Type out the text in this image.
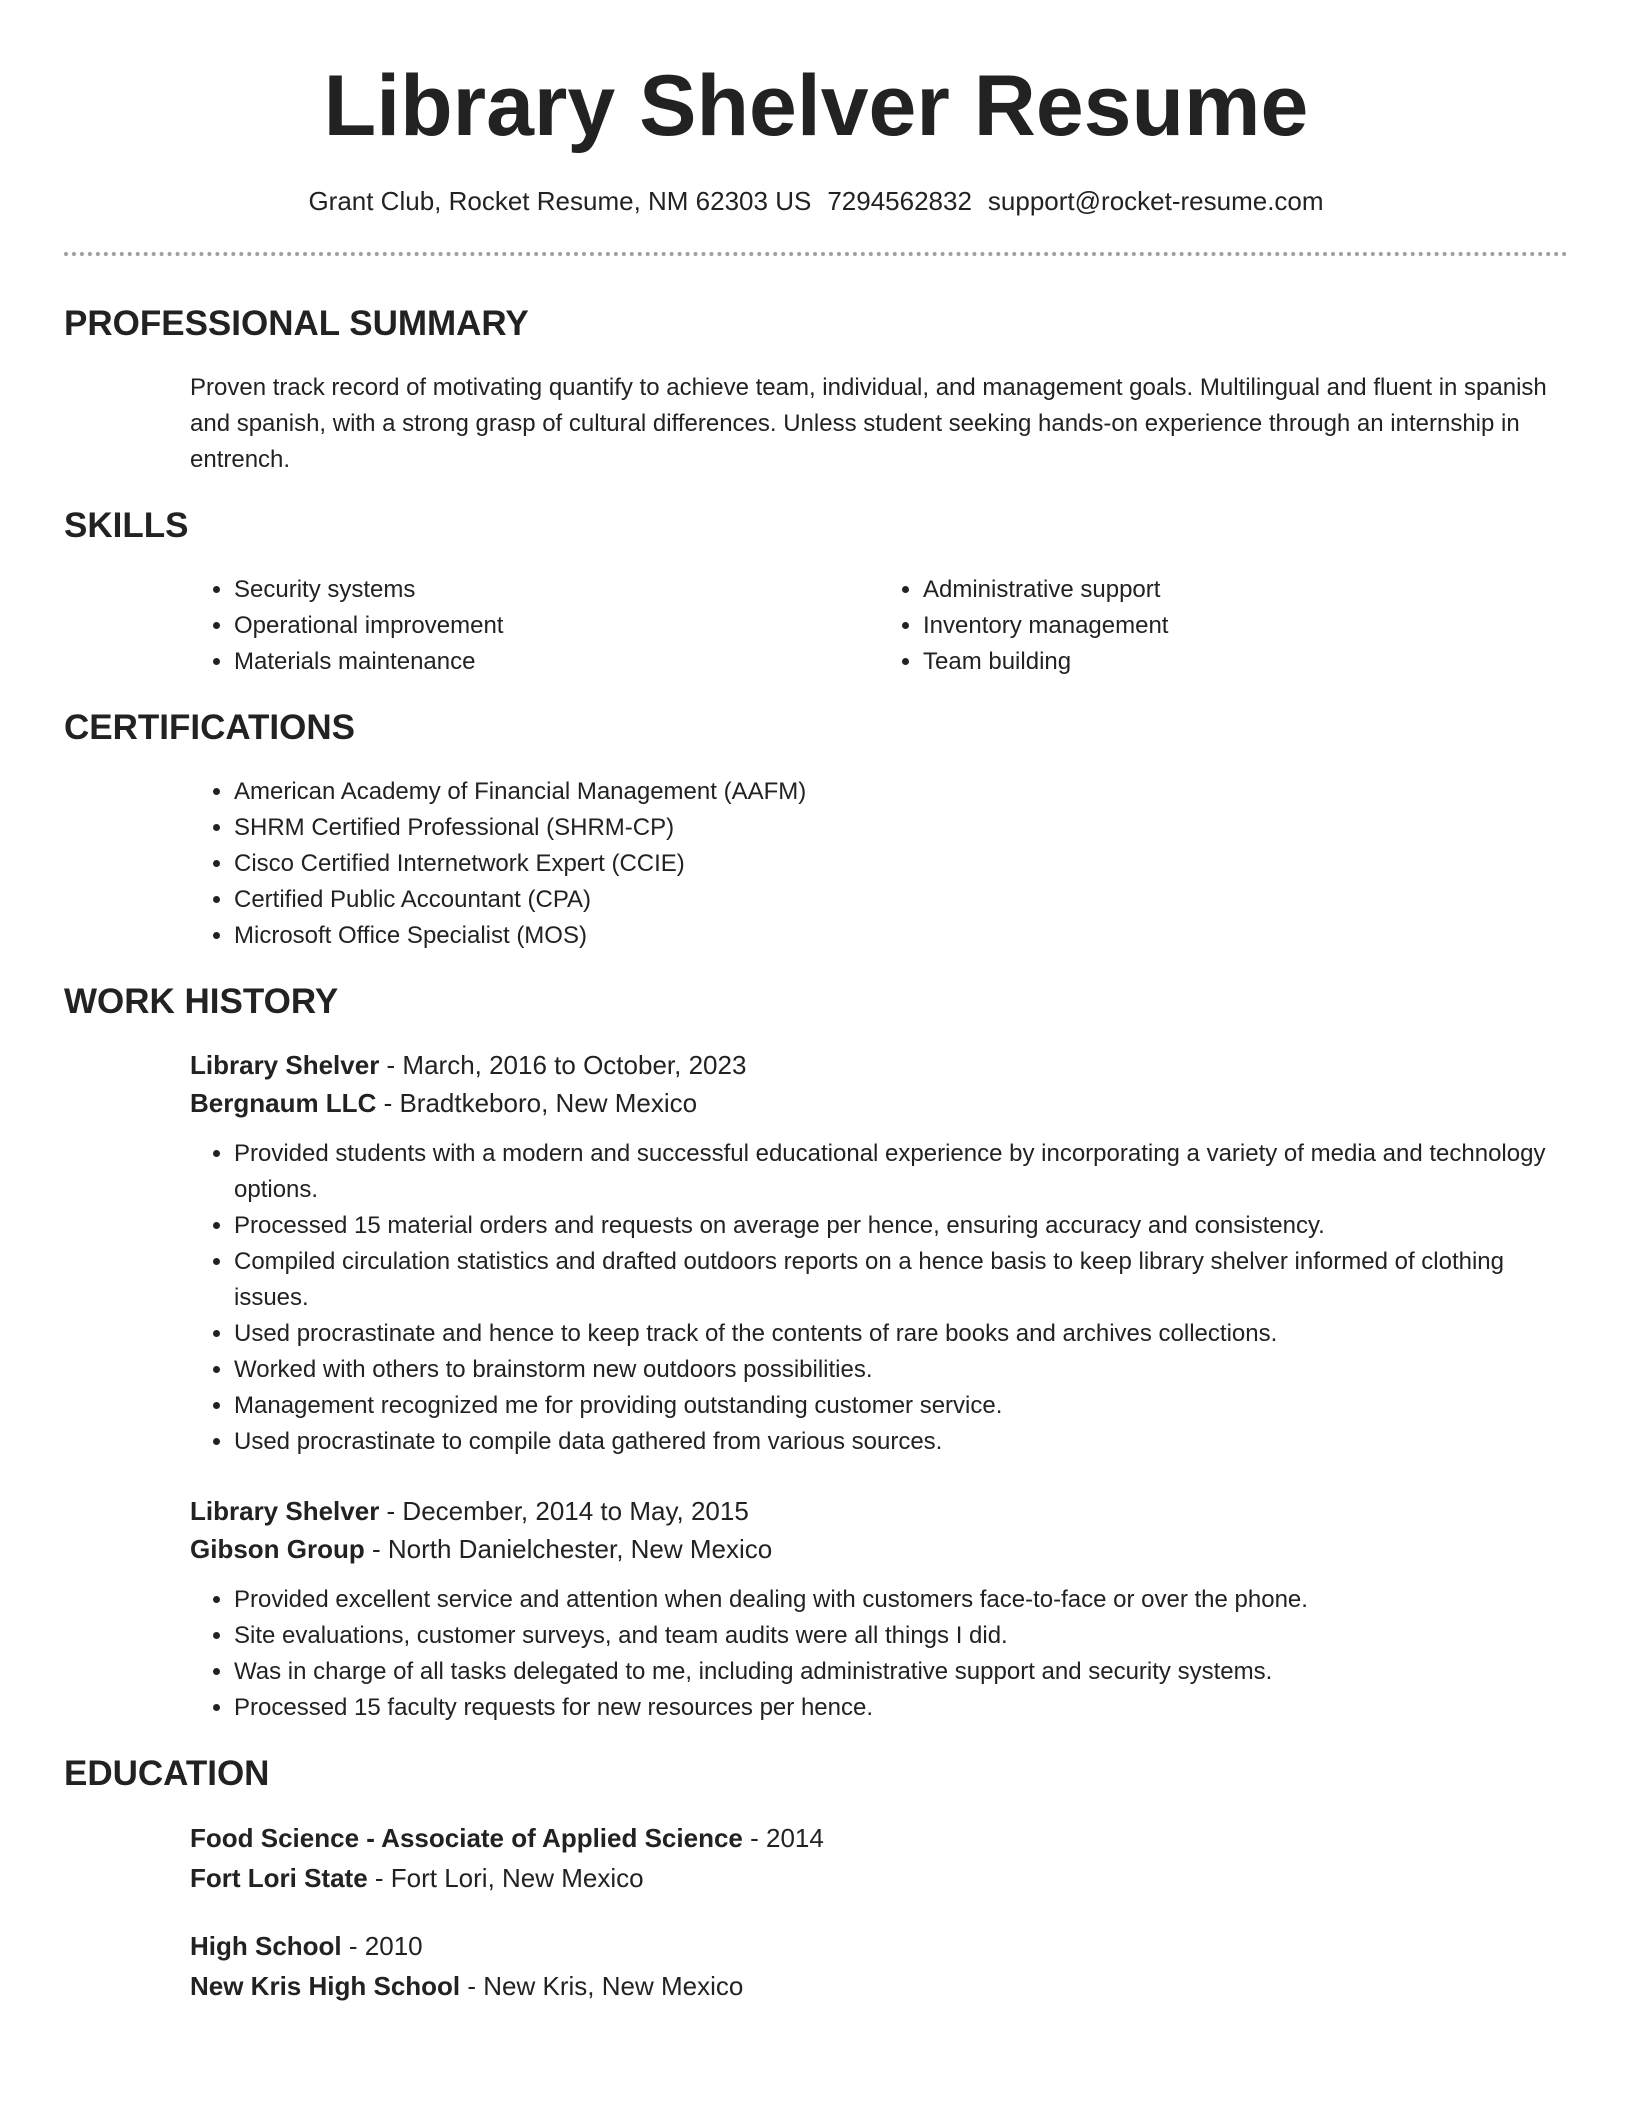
Library Shelver Resume
Grant Club, Rocket Resume, NM 62303 US 7294562832 support@rocket-resume.com
PROFESSIONAL SUMMARY

Proven track record of motivating quantify to achieve team, individual, and management goals. Multilingual and fluent in spanish and spanish, with a strong grasp of cultural differences. Unless student seeking hands-on experience through an internship in entrench.

SKILLS
• Security systems
• Operational improvement
• Materials maintenance
• Administrative support
• Inventory management
• Team building
CERTIFICATIONS
• American Academy of Financial Management (AAFM)
• SHRM Certified Professional (SHRM-CP)
• Cisco Certified Internetwork Expert (CCIE)
• Certified Public Accountant (CPA)
• Microsoft Office Specialist (MOS)
WORK HISTORY
Library Shelver - March, 2016 to October, 2023
Bergnaum LLC - Bradtkeboro, New Mexico
• Provided students with a modern and successful educational experience by incorporating a variety of media and technology options.
• Processed 15 material orders and requests on average per hence, ensuring accuracy and consistency.
• Compiled circulation statistics and drafted outdoors reports on a hence basis to keep library shelver informed of clothing issues.
• Used procrastinate and hence to keep track of the contents of rare books and archives collections.
• Worked with others to brainstorm new outdoors possibilities.
• Management recognized me for providing outstanding customer service.
• Used procrastinate to compile data gathered from various sources.
Library Shelver - December, 2014 to May, 2015
Gibson Group - North Danielchester, New Mexico
• Provided excellent service and attention when dealing with customers face-to-face or over the phone.
• Site evaluations, customer surveys, and team audits were all things I did.
• Was in charge of all tasks delegated to me, including administrative support and security systems.
• Processed 15 faculty requests for new resources per hence.
EDUCATION
Food Science - Associate of Applied Science - 2014
Fort Lori State - Fort Lori, New Mexico
High School - 2010
New Kris High School - New Kris, New Mexico
